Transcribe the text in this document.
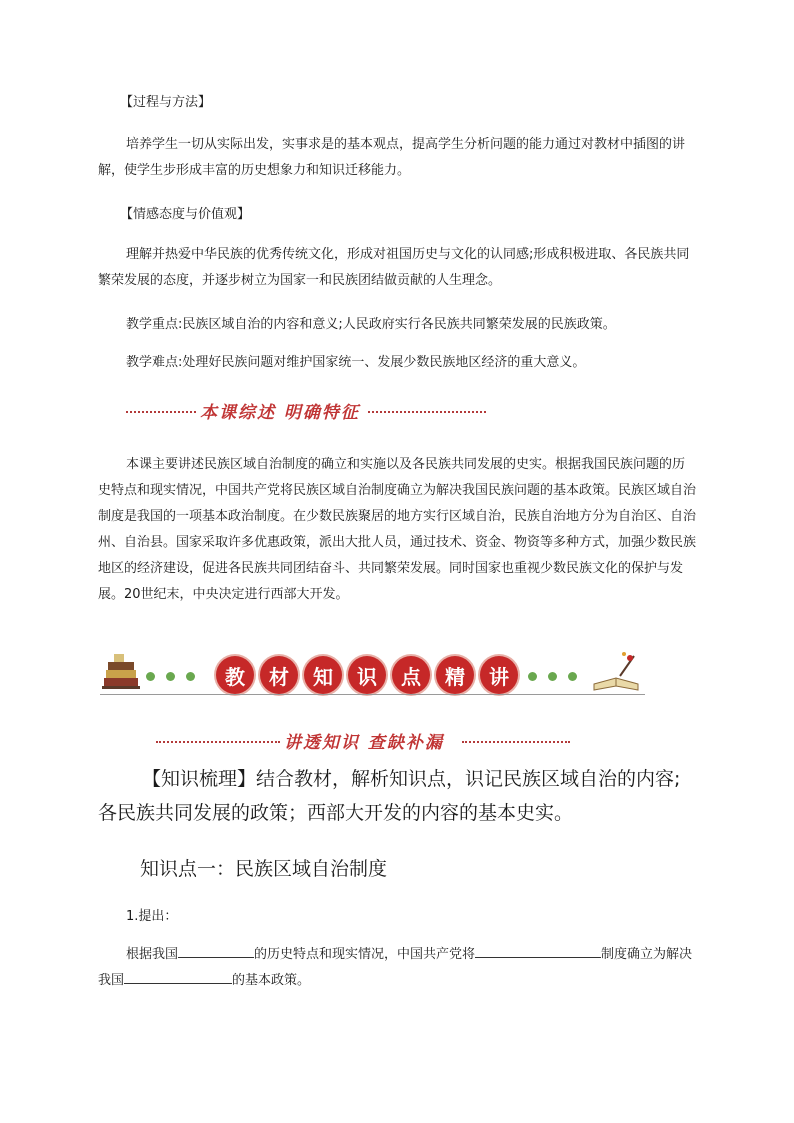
【过程与方法】

培养学生一切从实际出发，实事求是的基本观点，提高学生分析问题的能力通过对教材中插图的讲解，使学生步形成丰富的历史想象力和知识迁移能力。

【情感态度与价值观】

理解并热爱中华民族的优秀传统文化，形成对祖国历史与文化的认同感;形成积极进取、各民族共同繁荣发展的态度，并逐步树立为国家一和民族团结做贡献的人生理念。

教学重点:民族区域自治的内容和意义;人民政府实行各民族共同繁荣发展的民族政策。

教学难点:处理好民族问题对维护国家统一、发展少数民族地区经济的重大意义。

本课综述 明确特征

本课主要讲述民族区域自治制度的确立和实施以及各民族共同发展的史实。根据我国民族问题的历史特点和现实情况，中国共产党将民族区域自治制度确立为解决我国民族问题的基本政策。民族区域自治制度是我国的一项基本政治制度。在少数民族聚居的地方实行区域自治，民族自治地方分为自治区、自治州、自治县。国家采取许多优惠政策，派出大批人员，通过技术、资金、物资等多种方式，加强少数民族地区的经济建设，促进各民族共同团结奋斗、共同繁荣发展。同时国家也重视少数民族文化的保护与发展。20世纪末，中央决定进行西部大开发。

教	材	知	识	点	精	讲
讲透知识 查缺补漏

【知识梳理】结合教材，解析知识点，识记民族区域自治的内容;各民族共同发展的政策；西部大开发的内容的基本史实。

知识点一：民族区域自治制度

1.提出：

根据我国	的历史特点和现实情况，中国共产党将	制度确立为解决我国	的基本政策。
